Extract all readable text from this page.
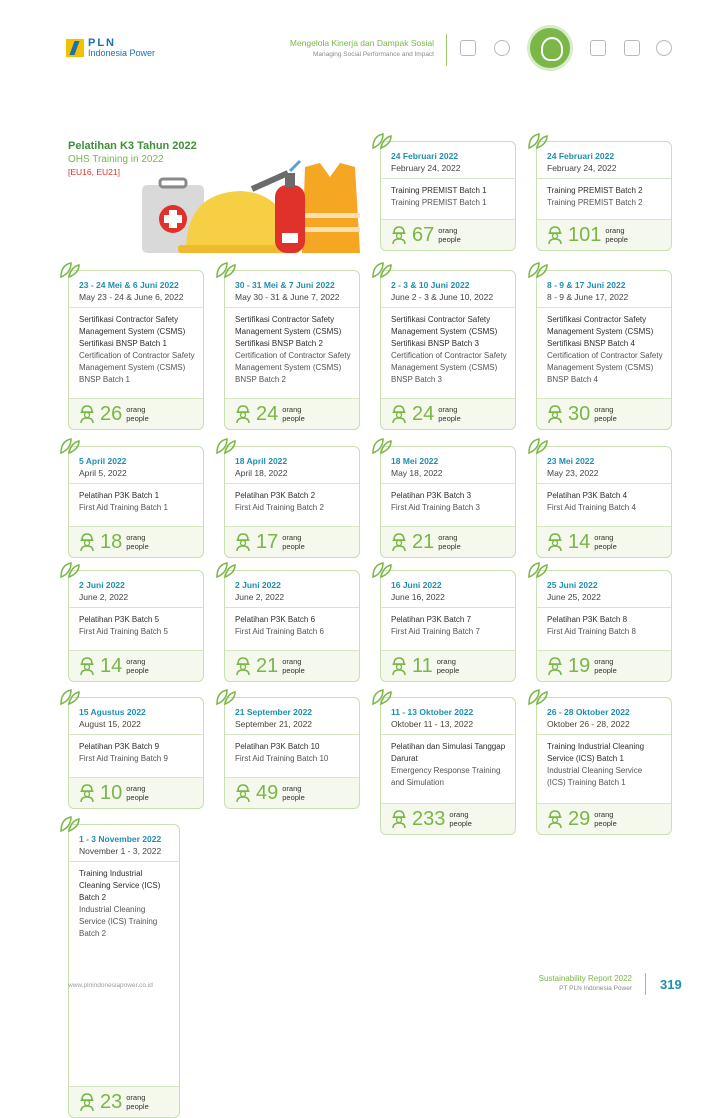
PLN
Indonesia Power
Mengelola Kinerja dan Dampak Sosial
Managing Social Performance and Impact
Pelatihan K3 Tahun 2022
OHS Training in 2022
[EU16, EU21]
24 Februari 2022
February 24, 2022
Training PREMIST Batch 1
Training PREMIST Batch 1
67 orang
people
24 Februari 2022
February 24, 2022
Training PREMIST Batch 2
Training PREMIST Batch 2
101 orang
people
23 - 24 Mei & 6 Juni 2022
May 23 - 24 & June 6, 2022
Sertifikasi Contractor Safety Management System (CSMS) Sertifikasi BNSP Batch 1
Certification of Contractor Safety Management System (CSMS) BNSP Batch 1
26 orang
people
30 - 31 Mei & 7 Juni 2022
May 30 - 31 & June 7, 2022
Sertifikasi Contractor Safety Management System (CSMS) Sertifikasi BNSP Batch 2
Certification of Contractor Safety Management System (CSMS) BNSP Batch 2
24 orang
people
2 - 3 & 10 Juni 2022
June 2 - 3 & June 10, 2022
Sertifikasi Contractor Safety Management System (CSMS) Sertifikasi BNSP Batch 3
Certification of Contractor Safety Management System (CSMS) BNSP Batch 3
24 orang
people
8 - 9 & 17 Juni 2022
8 - 9 & June 17, 2022
Sertifikasi Contractor Safety Management System (CSMS) Sertifikasi BNSP Batch 4
Certification of Contractor Safety Management System (CSMS) BNSP Batch 4
30 orang
people
5 April 2022
April 5, 2022
Pelatihan P3K Batch 1
First Aid Training Batch 1
18 orang
people
18 April 2022
April 18, 2022
Pelatihan P3K Batch 2
First Aid Training Batch 2
17 orang
people
18 Mei 2022
May 18, 2022
Pelatihan P3K Batch 3
First Aid Training Batch 3
21 orang
people
23 Mei 2022
May 23, 2022
Pelatihan P3K Batch 4
First Aid Training Batch 4
14 orang
people
2 Juni 2022
June 2, 2022
Pelatihan P3K Batch 5
First Aid Training Batch 5
14 orang
people
2 Juni 2022
June 2, 2022
Pelatihan P3K Batch 6
First Aid Training Batch 6
21 orang
people
16 Juni 2022
June 16, 2022
Pelatihan P3K Batch 7
First Aid Training Batch 7
11 orang
people
25 Juni 2022
June 25, 2022
Pelatihan P3K Batch 8
First Aid Training Batch 8
19 orang
people
15 Agustus 2022
August 15, 2022
Pelatihan P3K Batch 9
First Aid Training Batch 9
10 orang
people
21 September 2022
September 21, 2022
Pelatihan P3K Batch 10
First Aid Training Batch 10
49 orang
people
11 - 13 Oktober 2022
Oktober 11 - 13, 2022
Pelatihan dan Simulasi Tanggap Darurat
Emergency Response Training and Simulation
233 orang
people
26 - 28 Oktober 2022
Oktober 26 - 28, 2022
Training Industrial Cleaning Service (ICS) Batch 1
Industrial Cleaning Service (ICS) Training Batch 1
29 orang
people
1 - 3 November 2022
November 1 - 3, 2022
Training Industrial Cleaning Service (ICS) Batch 2
Industrial Cleaning Service (ICS) Training Batch 2
23 orang
people
www.plnindonesiapower.co.id
Sustainability Report 2022
PT PLN Indonesia Power 319
